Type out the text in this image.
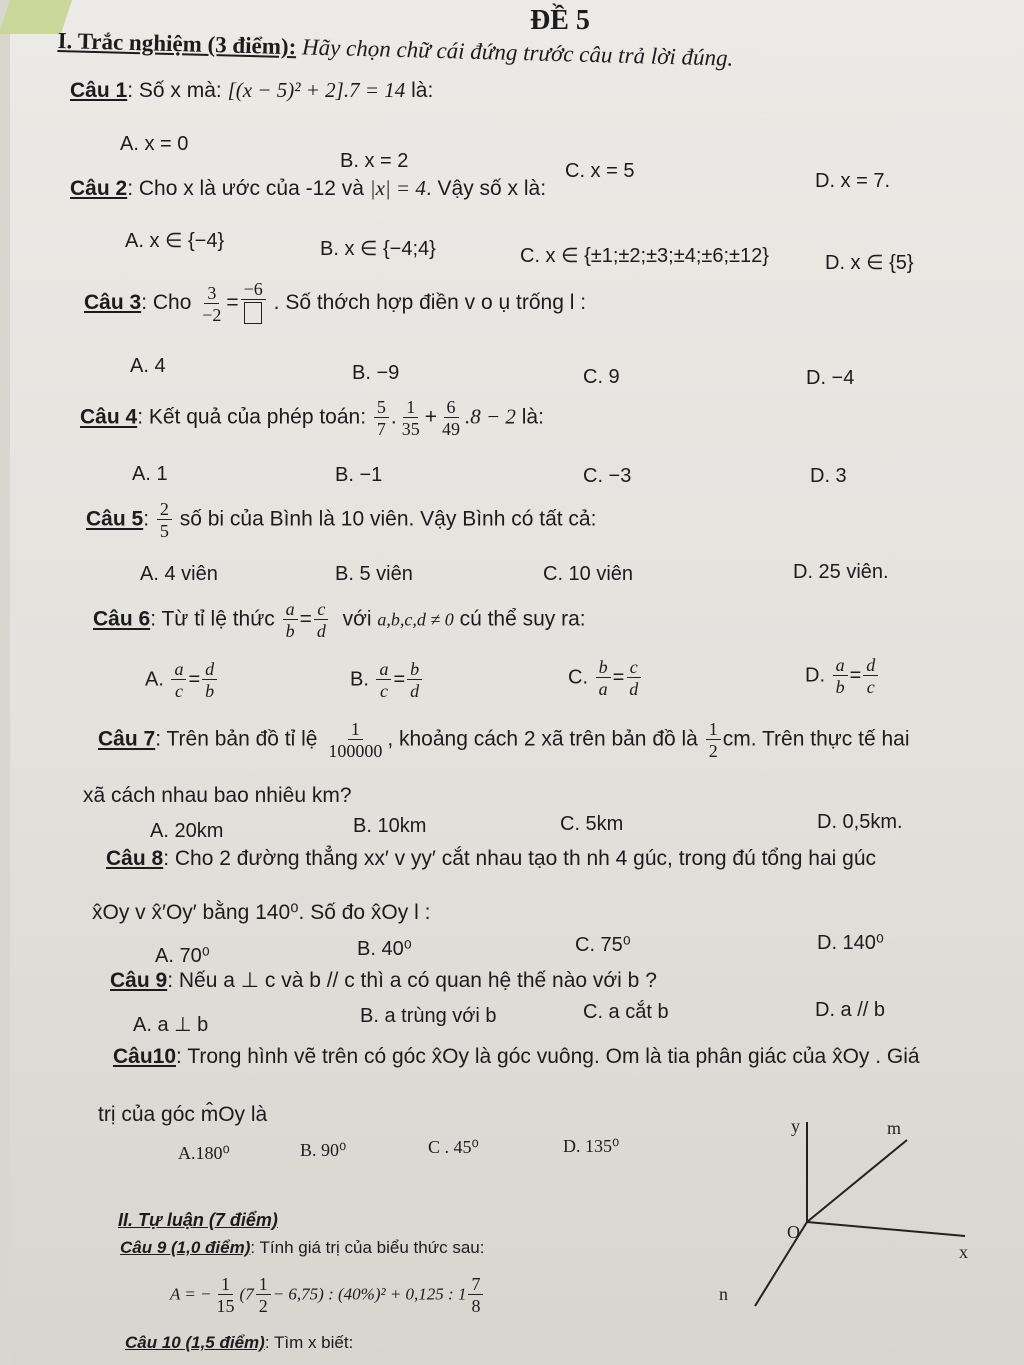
ĐỀ 5
I. Trắc nghiệm (3 điểm): Hãy chọn chữ cái đứng trước câu trả lời đúng.
Câu 1: Số x mà: [(x − 5)² + 2].7 = 14 là:
A. x = 0
B. x = 2	C. x = 5	D. x = 7.
Câu 2: Cho x là ước của -12 và |x| = 4. Vậy số x là:
A. x ∈ {−4}	B. x ∈ {−4;4}	C. x ∈ {±1;±2;±3;±4;±6;±12}	D. x ∈ {5}
Câu 3: Cho $\frac{3}{-2}$ =
−6
. Số thớch hợp điền v o ụ trống l :
A. 4	B. −9	C. 9	D. −4
Câu 4: Kết quả của phép toán: $\frac{5}{7}$ . $\frac{1}{35} + \frac{6}{49} .8 - 2$ là:
A. 1	B. −1	C. −3	D. 3
Câu 5: $\frac{2}{5}$ số bi của Bình là 10 viên. Vậy Bình có tất cả:
A. 4 viên	B. 5 viên	C. 10 viên	D. 25 viên.
Câu 6: Từ tỉ lệ thức $\frac{a}{b} = \frac{c}{d}$ với a,b,c,d ≠ 0 cú thể suy ra:
A. $\frac{a}{c} = \frac{d}{b}$	B. $\frac{a}{c} = \frac{b}{d}$	C. $\frac{b}{a} = \frac{c}{d}$	D. $\frac{a}{b} = \frac{d}{c}$
Câu 7: Trên bản đồ tỉ lệ $\frac{1}{100000}$ , khoảng cách 2 xã trên bản đồ là $\frac{1}{2}$ cm. Trên thực tế hai
xã cách nhau bao nhiêu km?
A. 20km	B. 10km	C. 5km	D. 0,5km.
Câu 8: Cho 2 đường thẳng xx′ v yy′ cắt nhau tạo th nh 4 gúc, trong đú tổng hai gúc
x̂Oy v x̂′Oy′ bằng 140⁰. Số đo x̂Oy l :
A. 70⁰	B. 40⁰	C. 75⁰	D. 140⁰
Câu 9: Nếu a ⊥ c và b // c thì a có quan hệ thế nào với b ?
A. a ⊥ b	B. a trùng với b	C. a cắt b	D. a // b
Câu10: Trong hình vẽ trên có góc x̂Oy là góc vuông. Om là tia phân giác của x̂Oy . Giá
trị của góc m̂Oy là
A.180⁰	B. 90⁰	C . 45⁰	D. 135⁰
y	m
O
x
n
II. Tự luận (7 điểm)
Câu 9 (1,0 điểm): Tính giá trị của biểu thức sau:
A = − $\frac{1}{15} (7 \frac{1}{2} - 6,75)$ : (40%)² + 0,125 : $1 \frac{7}{8}$
Câu 10 (1,5 điểm): Tìm x biết:
